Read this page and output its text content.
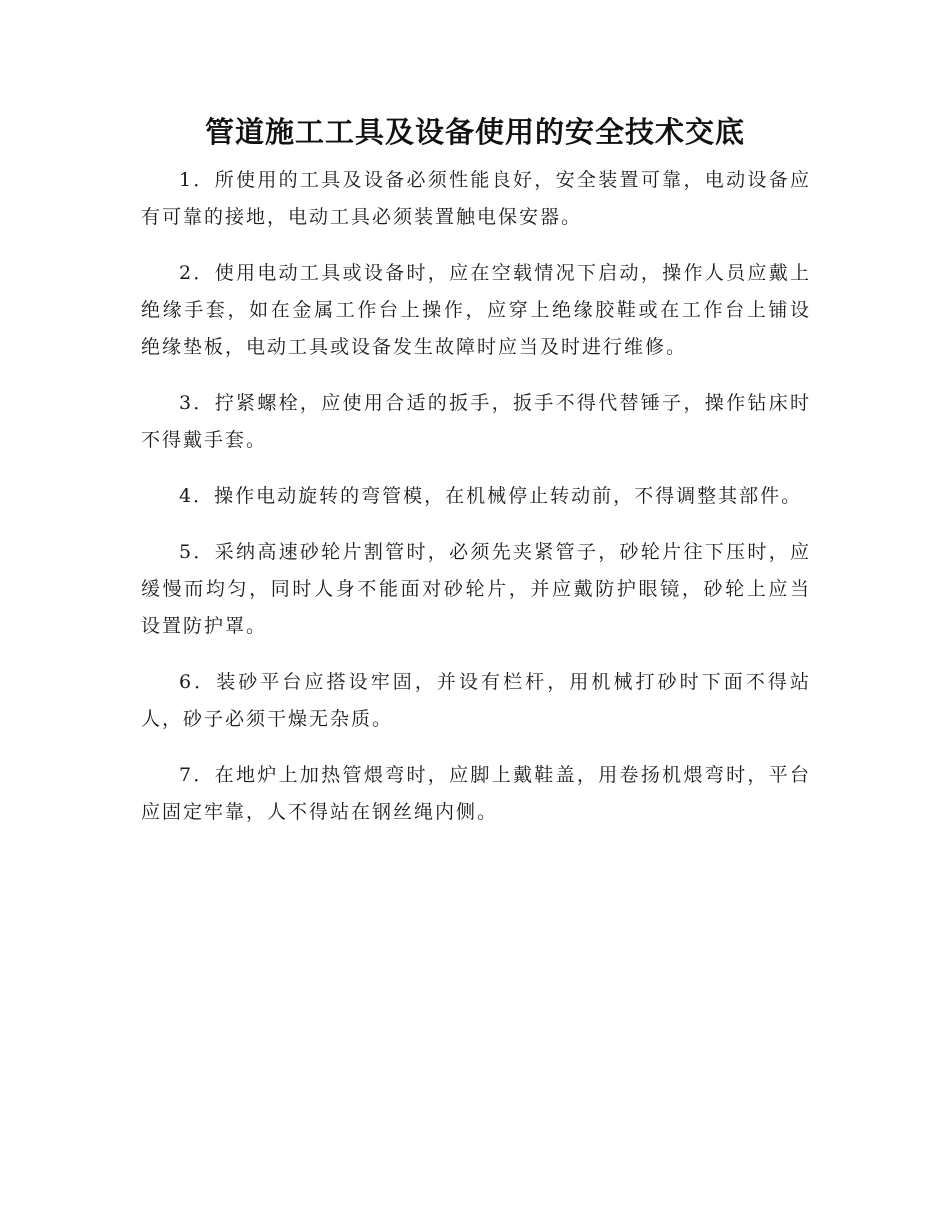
管道施工工具及设备使用的安全技术交底

1．所使用的工具及设备必须性能良好，安全装置可靠，电动设备应有可靠的接地，电动工具必须装置触电保安器。

2．使用电动工具或设备时，应在空载情况下启动，操作人员应戴上绝缘手套，如在金属工作台上操作，应穿上绝缘胶鞋或在工作台上铺设绝缘垫板，电动工具或设备发生故障时应当及时进行维修。

3．拧紧螺栓，应使用合适的扳手，扳手不得代替锤子，操作钻床时不得戴手套。

4．操作电动旋转的弯管模，在机械停止转动前，不得调整其部件。

5．采纳高速砂轮片割管时，必须先夹紧管子，砂轮片往下压时，应缓慢而均匀，同时人身不能面对砂轮片，并应戴防护眼镜，砂轮上应当设置防护罩。

6．装砂平台应搭设牢固，并设有栏杆，用机械打砂时下面不得站人，砂子必须干燥无杂质。

7．在地炉上加热管煨弯时，应脚上戴鞋盖，用卷扬机煨弯时，平台应固定牢靠，人不得站在钢丝绳内侧。
